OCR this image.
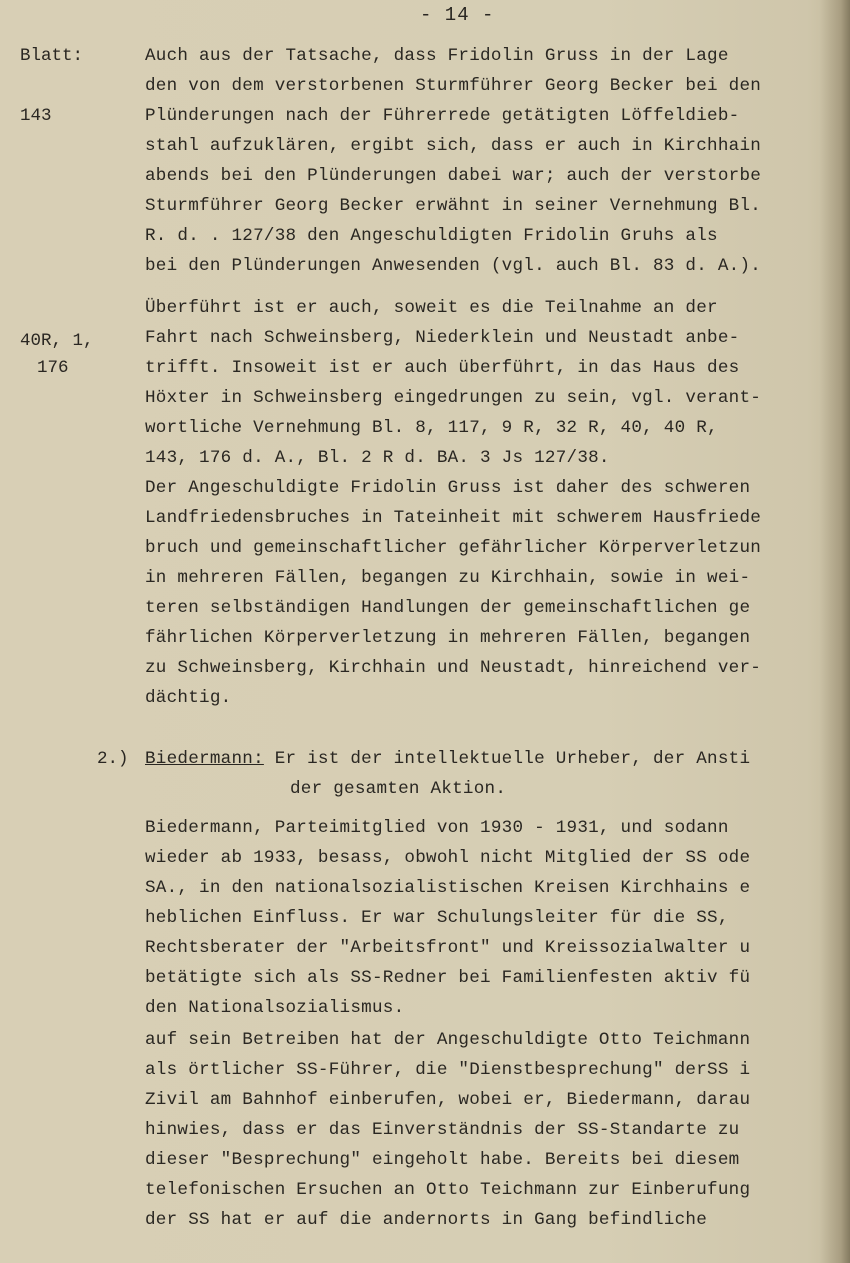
- 14 -
Blatt:
143
40R, 1,
176
2.)
Auch aus der Tatsache, dass Fridolin Gruss in der Lage
den von dem verstorbenen Sturmführer Georg Becker bei den
Plünderungen nach der Führerrede getätigten Löffeldieb-
stahl aufzuklären, ergibt sich, dass er auch in Kirchhain
abends bei den Plünderungen dabei war; auch der verstorbe
Sturmführer Georg Becker erwähnt in seiner Vernehmung Bl.
R. d. . 127/38 den Angeschuldigten Fridolin Gruhs als
bei den Plünderungen Anwesenden (vgl. auch Bl. 83 d. A.).
Überführt ist er auch, soweit es die Teilnahme an der
Fahrt nach Schweinsberg, Niederklein und Neustadt anbe-
trifft. Insoweit ist er auch überführt, in das Haus des
Höxter in Schweinsberg eingedrungen zu sein, vgl. verant-
wortliche Vernehmung Bl. 8, 117, 9 R, 32 R, 40, 40 R,
143, 176 d. A., Bl. 2 R d. BA. 3 Js 127/38.
Der Angeschuldigte Fridolin Gruss ist daher des schweren
Landfriedensbruches in Tateinheit mit schwerem Hausfriede
bruch und gemeinschaftlicher gefährlicher Körperverletzun
in mehreren Fällen, begangen zu Kirchhain, sowie in wei-
teren selbständigen Handlungen der gemeinschaftlichen ge
fährlichen Körperverletzung in mehreren Fällen, begangen
zu Schweinsberg, Kirchhain und Neustadt, hinreichend ver-
dächtig.
Biedermann: Er ist der intellektuelle Urheber, der Ansti
der gesamten Aktion.
Biedermann, Parteimitglied von 1930 - 1931, und sodann
wieder ab 1933, besass, obwohl nicht Mitglied der SS ode
SA., in den nationalsozialistischen Kreisen Kirchhains e
heblichen Einfluss. Er war Schulungsleiter für die SS,
Rechtsberater der "Arbeitsfront" und Kreissozialwalter u
betätigte sich als SS-Redner bei Familienfesten aktiv fü
den Nationalsozialismus.
auf sein Betreiben hat der Angeschuldigte Otto Teichmann
als örtlicher SS-Führer, die "Dienstbesprechung" derSS i
Zivil am Bahnhof einberufen, wobei er, Biedermann, darau
hinwies, dass er das Einverständnis der SS-Standarte zu
dieser "Besprechung" eingeholt habe. Bereits bei diesem
telefonischen Ersuchen an Otto Teichmann zur Einberufung
der SS hat er auf die andernorts in Gang befindliche
